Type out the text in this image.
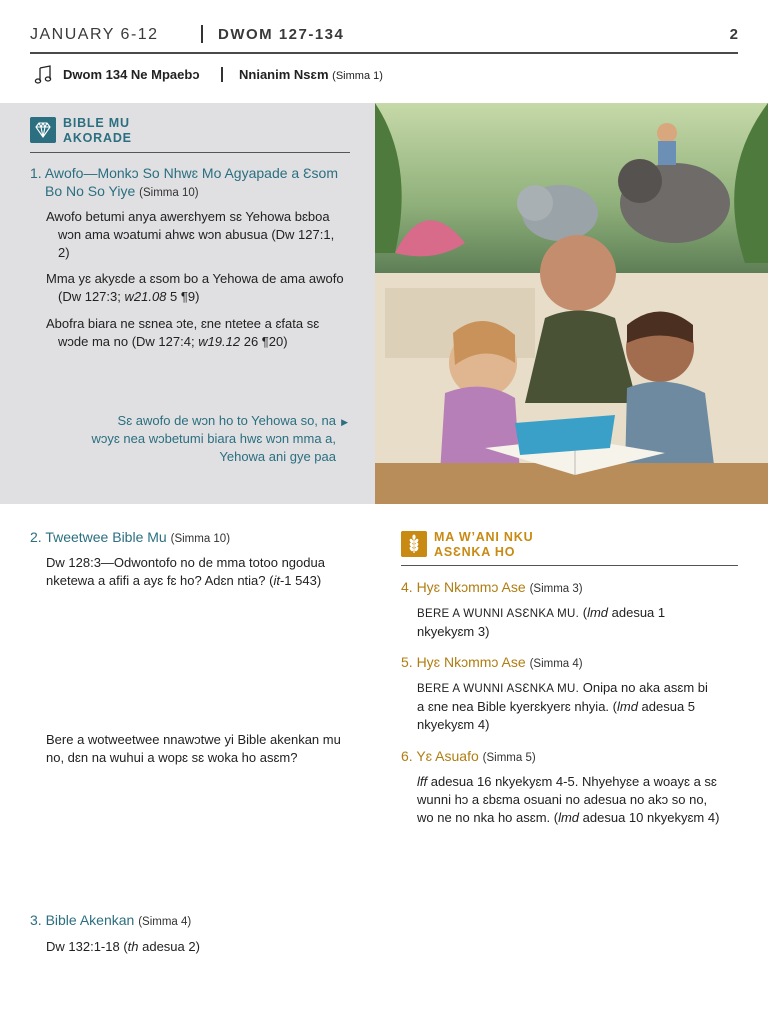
JANUARY 6-12	DWOM 127-134	2
Dwom 134 Ne Mpaebɔ	Nnianim Nsɛm (Simma 1)
BIBLE MU
AKORADE
1. Awofo—Monkɔ So Nhwɛ Mo Agyapade a Ɛsom Bo No So Yiye (Simma 10)
Awofo betumi anya awerɛhyem sɛ Yehowa bɛboa wɔn ama wɔatumi ahwɛ wɔn abusua (Dw 127:1, 2)
Mma yɛ akyɛde a ɛsom bo a Yehowa de ama awofo (Dw 127:3; w21.08 5 ¶9)
Abofra biara ne sɛnea ɔte, ɛne ntetee a ɛfata sɛ wɔde ma no (Dw 127:4; w19.12 26 ¶20)
Sɛ awofo de wɔn ho to Yehowa so, na wɔyɛ nea wɔbetumi biara hwɛ wɔn mma a, Yehowa ani gye paa
▶
2. Tweetwee Bible Mu (Simma 10)
Dw 128:3—Odwontofo no de mma totoo ngodua nketewa a afifi a ayɛ fɛ ho? Adɛn ntia? (it-1 543)
Bere a wotweetwee nnawɔtwe yi Bible akenkan mu no, dɛn na wuhui a wopɛ sɛ woka ho asɛm?
3. Bible Akenkan (Simma 4)
Dw 132:1-18 (th adesua 2)
MA W’ANI NKU
ASƐNKA HO
4. Hyɛ Nkɔmmɔ Ase (Simma 3)
BERE A WUNNI ASƐNKA MU. (lmd adesua 1 nkyekyɛm 3)
5. Hyɛ Nkɔmmɔ Ase (Simma 4)
BERE A WUNNI ASƐNKA MU. Onipa no aka asɛm bi a ɛne nea Bible kyerɛkyerɛ nhyia. (lmd adesua 5 nkyekyɛm 4)
6. Yɛ Asuafo (Simma 5)
lff adesua 16 nkyekyɛm 4-5. Nhyehyɛe a woayɛ a sɛ wunni hɔ a ɛbɛma osuani no adesua no akɔ so no, wo ne no nka ho asɛm. (lmd adesua 10 nkyekyɛm 4)
